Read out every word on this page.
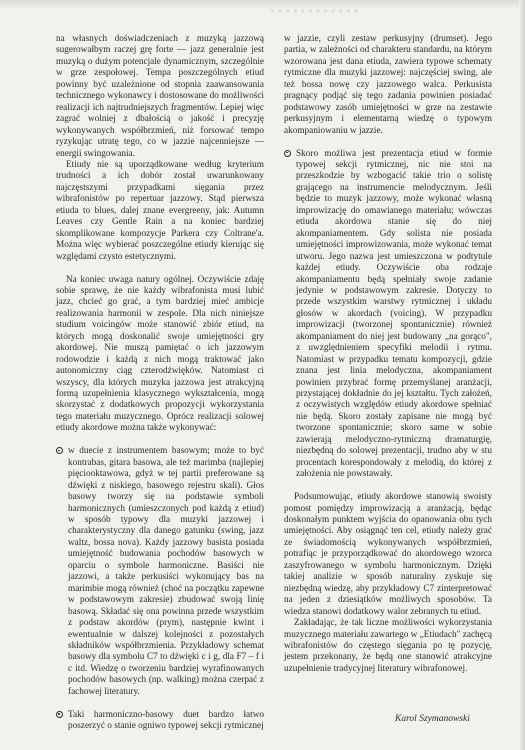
▪▪▪▪▪▪▪▪▪▪▪▪

na własnych doświadczeniach z muzyką jazzową sugerowałbym raczej grę forte — jazz generalnie jest muzyką o dużym potencjale dynamicznym, szczególnie w grze zespołowej. Tempa poszczególnych etiud powinny być uzależnione od stopnia zaawansowania technicznego wykonawcy i dostosowane do możliwości realizacji ich najtrudniejszych fragmentów. Lepiej więc zagrać wolniej z dbałością o jakość i precyzję wykonywanych współbrzmień, niż forsować tempo ryzykując utratę tego, co w jazzie najcenniejsze — energii swingowania.

Etiudy nie są uporządkowane według kryterium trudności a ich dobór został uwarunkowany najczęstszymi przypadkami sięgania przez wibrafonistów po repertuar jazzowy. Stąd pierwsza etiuda to blues, dalej znane evergreeny, jak: Autumn Leaves czy Gentle Rain a na koniec bardziej skomplikowane kompozycje Parkera czy Coltrane'a. Można więc wybierać poszczególne etiudy kierując się względami czysto estetycznymi.

Na koniec uwaga natury ogólnej. Oczywiście zdaję sobie sprawę, że nie każdy wibrafonista musi lubić jazz, chcieć go grać, a tym bardziej mieć ambicje realizowania harmonii w zespole. Dla nich niniejsze studium voicingów może stanowić zbiór etiud, na których mogą doskonalić swoje umiejętności gry akordowej. Nie muszą pamiętać o ich jazzowym rodowodzie i każdą z nich mogą traktować jako autonomiczny ciąg czterodźwięków. Natomiast ci wszyscy, dla których muzyka jazzowa jest atrakcyjną formą uzupełnienia klasycznego wykształcenia, mogą skorzystać z dodatkowych propozycji wykorzystania tego materiału muzycznego. Oprócz realizacji solowej etiudy akordowe można także wykonywać:

w duecie z instrumentem basowym; może to być kontrabas, gitara basowa, ale też marimba (najlepiej pięciooktawowa, gdyż w tej partii preferowane są dźwięki z niskiego, basowego rejestru skali). Głos basowy tworzy się na podstawie symboli harmonicznych (umieszczonych pod każdą z etiud) w sposób typowy dla muzyki jazzowej i charakterystyczny dla danego gatunku (swing, jazz waltz, bossa nova). Każdy jazzowy basista posiada umiejętność budowania pochodów basowych w oparciu o symbole harmoniczne. Basiści nie jazzowi, a także perkusiści wykonujący bas na marimbie mogą również (choć na początku zapewne w podstawowym zakresie) zbudować swoją linię basową. Składać się ona powinna przede wszystkim z podstaw akordów (prym), następnie kwint i ewentualnie w dalszej kolejności z pozostałych składników współbrzmienia. Przykładowy schemat basowy dla symbolu C7 to dźwięki c i g, dla F7 – f i c itd. Wiedzę o tworzeniu bardziej wyrafinowanych pochodów basowych (np. walking) można czerpać z fachowej literatury.

Taki harmoniczno-basowy duet bardzo łatwo poszerzyć o stanie ogniwo typowej sekcji rytmicznej

w jazzie, czyli zestaw perkusyjny (drumset). Jego partia, w zależności od charakteru standardu, na którym wzorowana jest dana etiuda, zawiera typowe schematy rytmiczne dla muzyki jazzowej: najczęściej swing, ale też bossa nowę czy jazzowego walca. Perkusista pragnący podjąć się tego zadania powinien posiadać podstawowy zasób umiejętności w grze na zestawie perkusyjnym i elementarną wiedzę o typowym akompaniowaniu w jazzie.

Skoro możliwa jest prezentacja etiud w formie typowej sekcji rytmicznej, nic nie stoi na przeszkodzie by wzbogacić takie trio o solistę grającego na instrumencie melodycznym. Jeśli będzie to muzyk jazzowy, może wykonać własną improwizację do omawianego materiału; wówczas etiuda akordowa stanie się do niej akompaniamentem. Gdy solista nie posiada umiejętności improwizowania, może wykonać temat utworu. Jego nazwa jest umieszczona w podtytule każdej etiudy. Oczywiście oba rodzaje akompaniamentu będą spełniały swoje zadanie jedynie w podstawowym zakresie. Dotyczy to przede wszystkim warstwy rytmicznej i układu głosów w akordach (voicing). W przypadku improwizacji (tworzonej spontanicznie) również akompaniament do niej jest budowany „na gorąco", z uwzględnieniem specyfiki melodii i rytmu. Natomiast w przypadku tematu kompozycji, gdzie znana jest linia melodyczna, akompaniament powinien przybrać formę przemyślanej aranżacji, przystającej dokładnie do jej kształtu. Tych założeń, z oczywistych względów etiudy akordowe spełniać nie będą. Skoro zostały zapisane nie mogą być tworzone spontanicznie; skoro same w sobie zawierają melodyczno-rytmiczną dramaturgię, niezbędną do solowej prezentacji, trudno aby w stu procentach korespondowały z melodią, do której z założenia nie powstawały.

Podsumowując, etiudy akordowe stanowią swoisty pomost pomiędzy improwizacją a aranżacją, będąc doskonałym punktem wyjścia do opanowania obu tych umiejętności. Aby osiągnąć ten cel, etiudy należy grać ze świadomością wykonywanych współbrzmień, potrafiąc je przyporządkować do akordowego wzorca zaszyfrowanego w symbolu harmonicznym. Dzięki takiej analizie w sposób naturalny zyskuje się niezbędną wiedzę, aby przykładowy C7 zinterpretować na jeden z dziesiątków możliwych sposobów. Ta wiedza stanowi dodatkowy walor zebranych tu etiud.

Zakładając, że tak liczne możliwości wykorzystania muzycznego materiału zawartego w „Etiudach" zachęcą wibrafonistów do częstego sięgania po tę pozycję, jestem przekonany, że będą one stanowić atrakcyjne uzupełnienie tradycyjnej literatury wibrafonowej.

Karol Szymanowski
